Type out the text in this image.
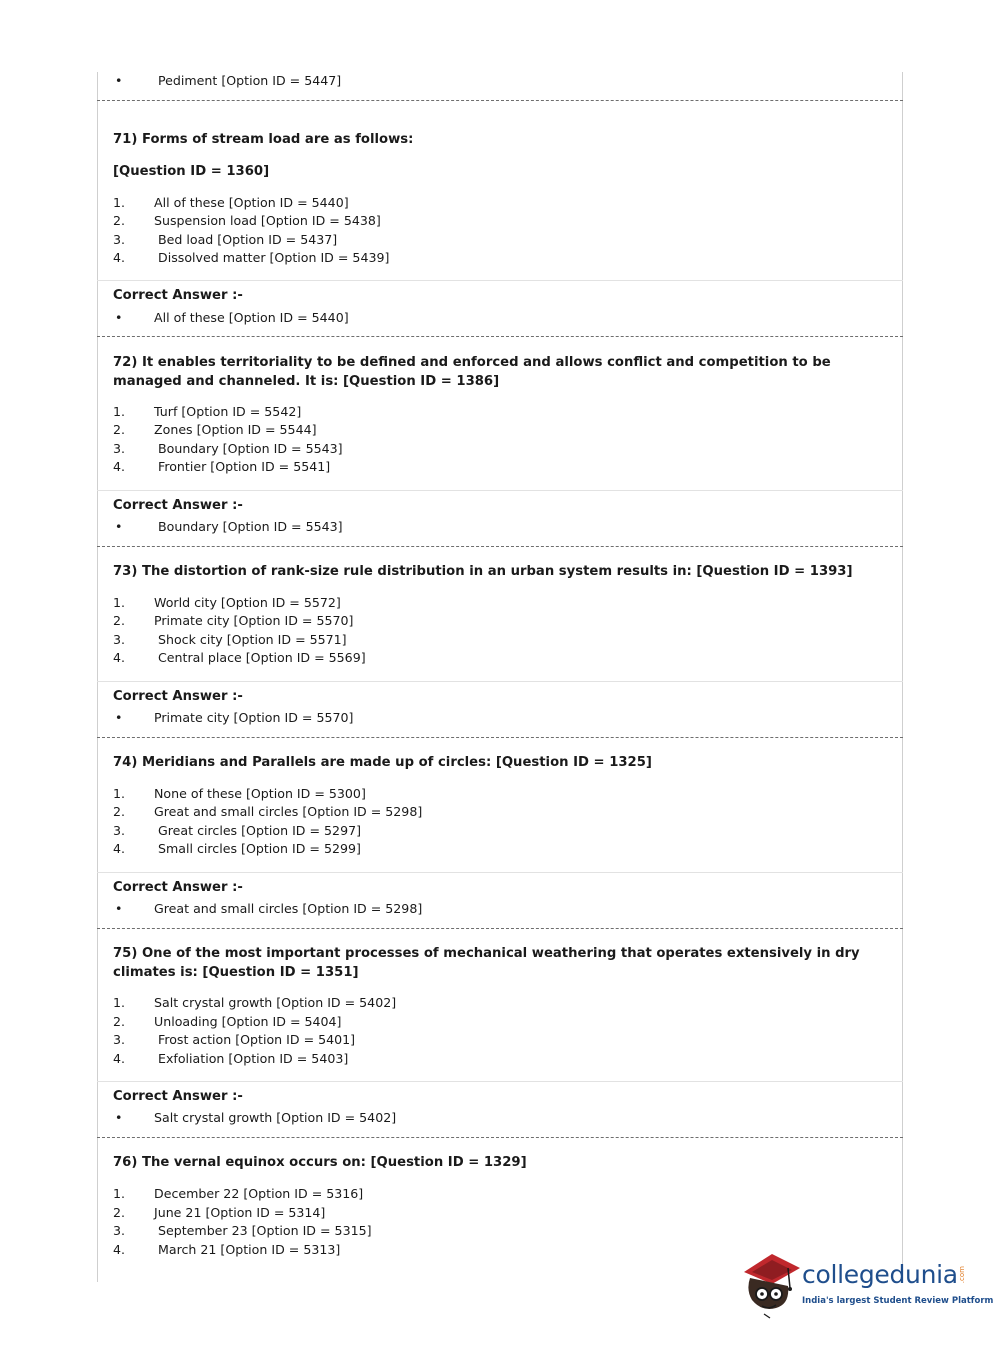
•	Pediment [Option ID = 5447]

71) Forms of stream load are as follows:

[Question ID = 1360]

1. All of these [Option ID = 5440]
2. Suspension load [Option ID = 5438]
3.	Bed load [Option ID = 5437]
4.	Dissolved matter [Option ID = 5439]
Correct Answer :-
•	All of these [Option ID = 5440]

72) It enables territoriality to be defined and enforced and allows conflict and competition to be managed and channeled. It is: [Question ID = 1386]

1. Turf [Option ID = 5542]
2. Zones [Option ID = 5544]
3.	Boundary [Option ID = 5543]
4.	Frontier [Option ID = 5541]
Correct Answer :-
•	Boundary [Option ID = 5543]

73) The distortion of rank-size rule distribution in an urban system results in: [Question ID = 1393]

1. World city [Option ID = 5572]
2. Primate city [Option ID = 5570]
3.	Shock city [Option ID = 5571]
4.	Central place [Option ID = 5569]
Correct Answer :-
•	Primate city [Option ID = 5570]

74) Meridians and Parallels are made up of circles: [Question ID = 1325]

1. None of these [Option ID = 5300]
2. Great and small circles [Option ID = 5298]
3.	Great circles [Option ID = 5297]
4.	Small circles [Option ID = 5299]
Correct Answer :-
•	Great and small circles [Option ID = 5298]

75) One of the most important processes of mechanical weathering that operates extensively in dry climates is: [Question ID = 1351]

1. Salt crystal growth [Option ID = 5402]
2. Unloading [Option ID = 5404]
3.	Frost action [Option ID = 5401]
4.	Exfoliation [Option ID = 5403]
Correct Answer :-
•	Salt crystal growth [Option ID = 5402]

76) The vernal equinox occurs on: [Question ID = 1329]

1. December 22 [Option ID = 5316]
2. June 21 [Option ID = 5314]
3.	September 23 [Option ID = 5315]
4.	March 21 [Option ID = 5313]
collegedunia .com
India's largest Student Review Platform
